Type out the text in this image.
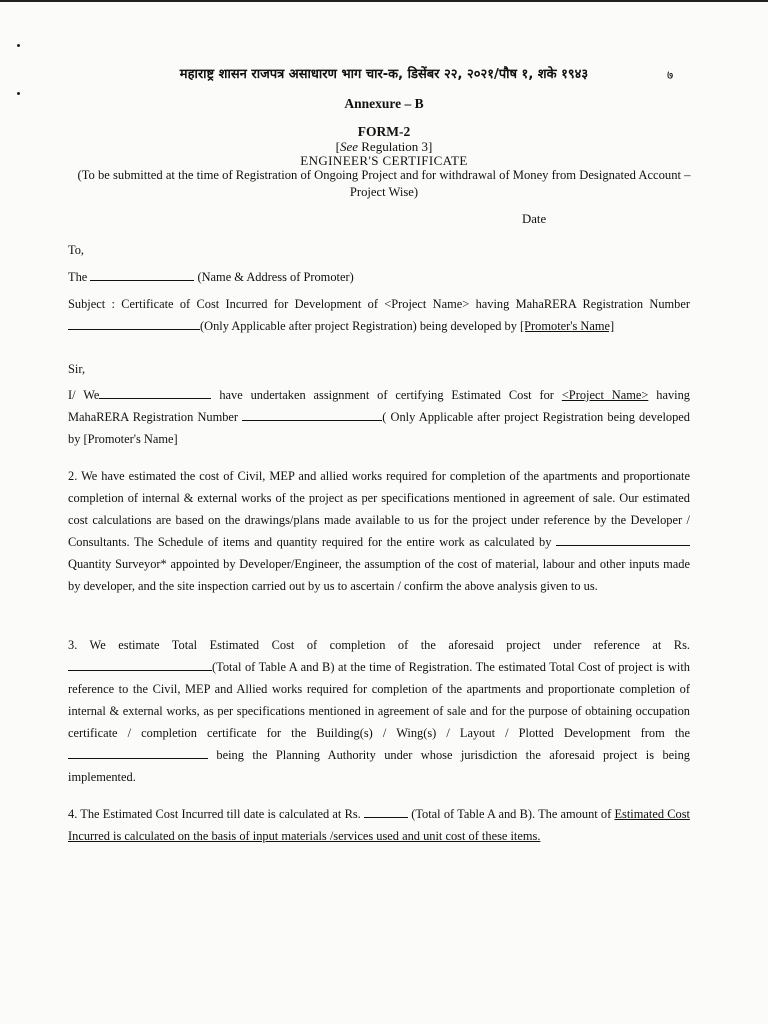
महाराष्ट्र शासन राजपत्र असाधारण भाग चार-क, डिसेंबर २२, २०२१/पौष १, शके १९४३	७
Annexure – B
FORM-2
[See Regulation 3]
ENGINEER'S CERTIFICATE
(To be submitted at the time of Registration of Ongoing Project and for withdrawal of Money from Designated Account – Project Wise)
Date
To,
The	(Name & Address of Promoter)
Subject : Certificate of Cost Incurred for Development of <Project Name> having MahaRERA Registration Number (Only Applicable after project Registration) being developed by [Promoter's Name]
Sir,
I/ We	have undertaken assignment of certifying Estimated Cost for <Project Name> having MahaRERA Registration Number	( Only Applicable after project Registration being developed by [Promoter's Name]
2. We have estimated the cost of Civil, MEP and allied works required for completion of the apartments and proportionate completion of internal & external works of the project as per specifications mentioned in agreement of sale. Our estimated cost calculations are based on the drawings/plans made available to us for the project under reference by the Developer / Consultants. The Schedule of items and quantity required for the entire work as calculated by  Quantity Surveyor* appointed by Developer/Engineer, the assumption of the cost of material, labour and other inputs made by developer, and the site inspection carried out by us to ascertain / confirm the above analysis given to us.
3. We estimate Total Estimated Cost of completion of the aforesaid project under reference at Rs. (Total of Table A and B) at the time of Registration. The estimated Total Cost of project is with reference to the Civil, MEP and Allied works required for completion of the apartments and proportionate completion of internal & external works, as per specifications mentioned in agreement of sale and for the purpose of obtaining occupation certificate / completion certificate for the Building(s) / Wing(s) / Layout / Plotted Development from the  being the Planning Authority under whose jurisdiction the aforesaid project is being implemented.
4. The Estimated Cost Incurred till date is calculated at Rs.	(Total of Table A and B). The amount of Estimated Cost Incurred is calculated on the basis of input materials /services used and unit cost of these items.
